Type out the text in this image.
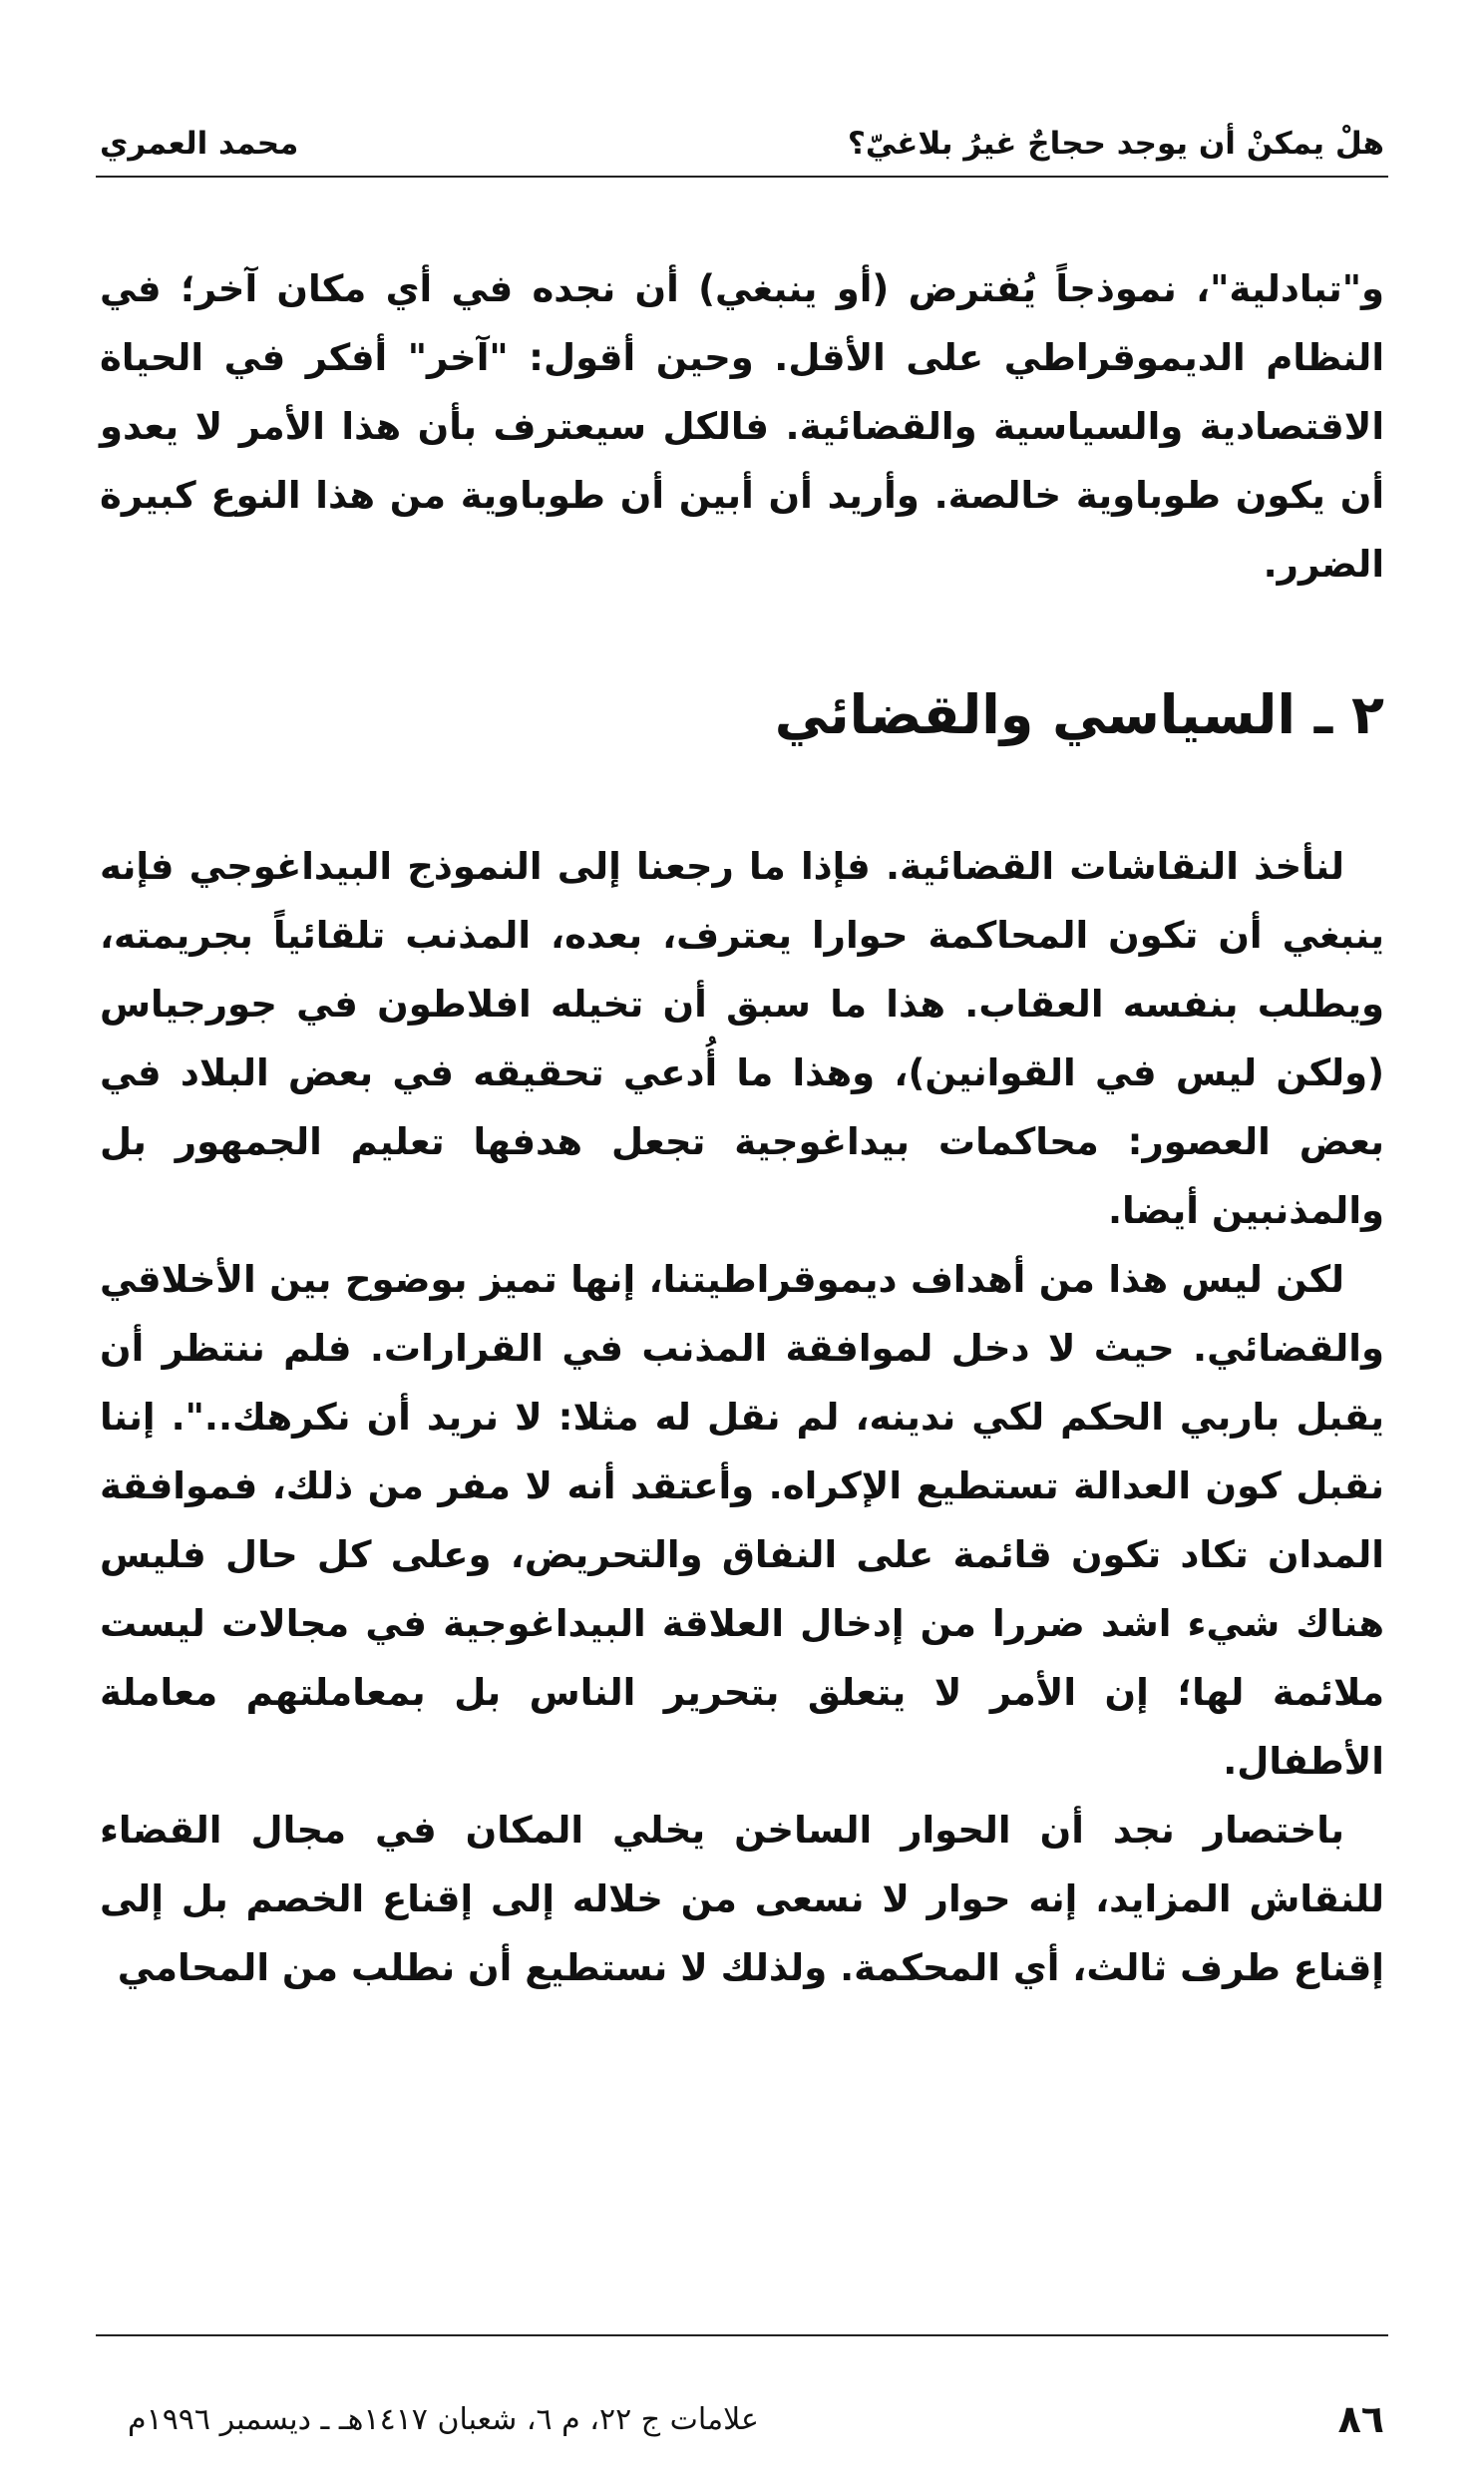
هلْ يمكنْ أن يوجد حجاجٌ غيرُ بلاغيّ؟
محمد العمري

و"تبادلية"، نموذجاً يُفترض (أو ينبغي) أن نجده في أي مكان آخر؛ في النظام الديموقراطي على الأقل. وحين أقول: "آخر" أفكر في الحياة الاقتصادية والسياسية والقضائية. فالكل سيعترف بأن هذا الأمر لا يعدو أن يكون طوباوية خالصة. وأريد أن أبين أن طوباوية من هذا النوع كبيرة الضرر.

٢ ـ السياسي والقضائي

لنأخذ النقاشات القضائية. فإذا ما رجعنا إلى النموذج البيداغوجي فإنه ينبغي أن تكون المحاكمة حوارا يعترف، بعده، المذنب تلقائياً بجريمته، ويطلب بنفسه العقاب. هذا ما سبق أن تخيله افلاطون في جورجياس (ولكن ليس في القوانين)، وهذا ما أُدعي تحقيقه في بعض البلاد في بعض العصور: محاكمات بيداغوجية تجعل هدفها تعليم الجمهور بل والمذنبين أيضا.

لكن ليس هذا من أهداف ديموقراطيتنا، إنها تميز بوضوح بين الأخلاقي والقضائي. حيث لا دخل لموافقة المذنب في القرارات. فلم ننتظر أن يقبل باربي الحكم لكي ندينه، لم نقل له مثلا: لا نريد أن نكرهك..". إننا نقبل كون العدالة تستطيع الإكراه. وأعتقد أنه لا مفر من ذلك، فموافقة المدان تكاد تكون قائمة على النفاق والتحريض، وعلى كل حال فليس هناك شيء اشد ضررا من إدخال العلاقة البيداغوجية في مجالات ليست ملائمة لها؛ إن الأمر لا يتعلق بتحرير الناس بل بمعاملتهم معاملة الأطفال.

باختصار نجد أن الحوار الساخن يخلي المكان في مجال القضاء للنقاش المزايد، إنه حوار لا نسعى من خلاله إلى إقناع الخصم بل إلى إقناع طرف ثالث، أي المحكمة. ولذلك لا نستطيع أن نطلب من المحامي

٨٦
علامات ج ٢٢، م ٦، شعبان ١٤١٧هـ ـ ديسمبر ١٩٩٦م
